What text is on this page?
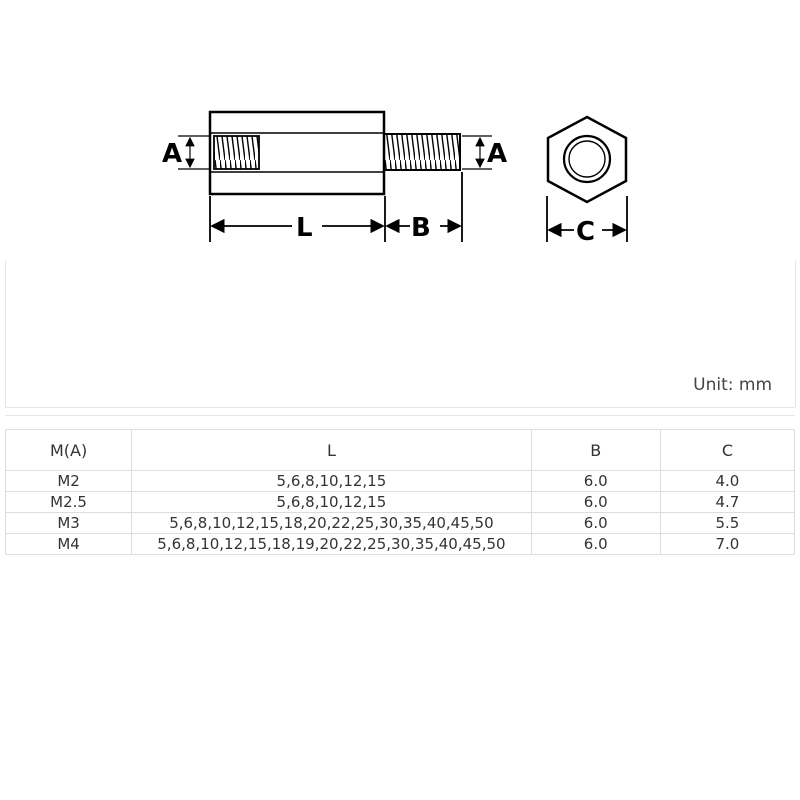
A	A
L	B	C
Unit: mm
M(A)	L	B	C
M2	5,6,8,10,12,15	6.0	4.0
M2.5	5,6,8,10,12,15	6.0	4.7
M3	5,6,8,10,12,15,18,20,22,25,30,35,40,45,50	6.0	5.5
M4	5,6,8,10,12,15,18,19,20,22,25,30,35,40,45,50	6.0	7.0
